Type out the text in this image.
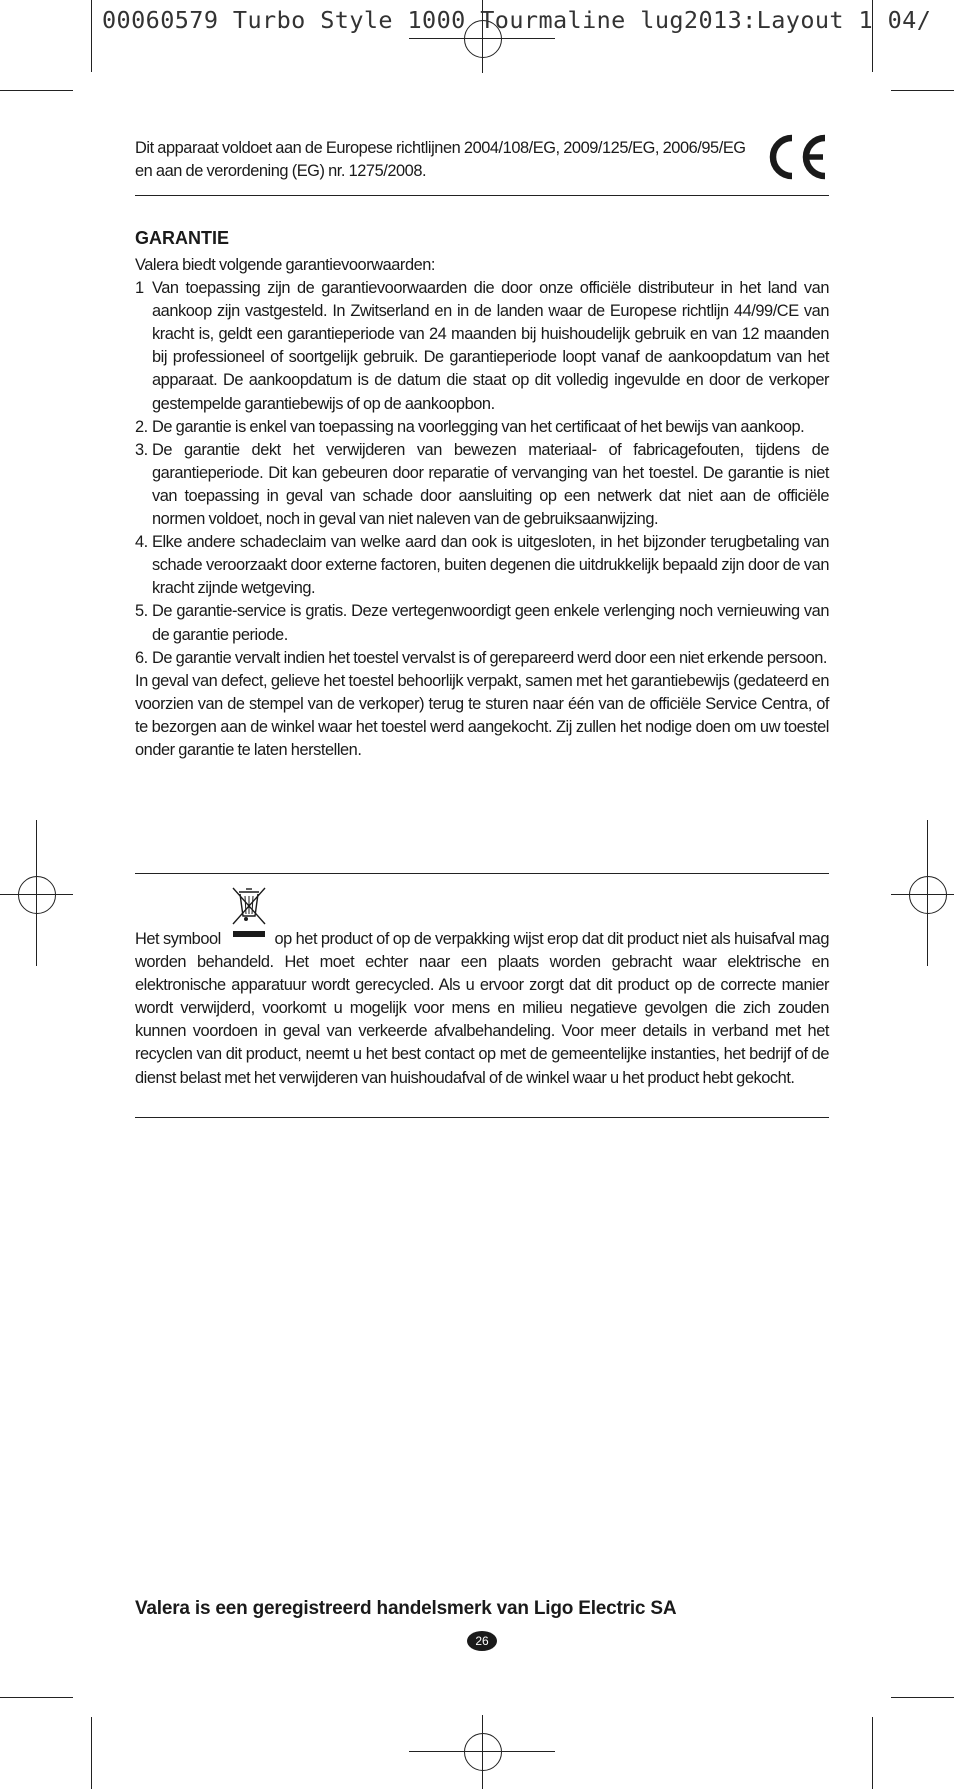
00060579 Turbo Style 1000 Tourmaline lug2013:Layout 1 04/
Dit apparaat voldoet aan de Europese richtlijnen 2004/108/EG, 2009/125/EG, 2006/95/EG en aan de verordening (EG) nr. 1275/2008.
GARANTIE
Valera biedt volgende garantievoorwaarden:
1 Van toepassing zijn de garantievoorwaarden die door onze officiële distributeur in het land van aankoop zijn vastgesteld. In Zwitserland en in de landen waar de Europese richtlijn 44/99/CE van kracht is, geldt een garantieperiode van 24 maanden bij huishoudelijk gebruik en van 12 maanden bij professioneel of soortgelijk gebruik. De garantieperiode loopt vanaf de aankoopdatum van het apparaat. De aankoopdatum is de datum die staat op dit volledig ingevulde en door de verkoper gestempelde garantiebewijs of op de aankoopbon.
2. De garantie is enkel van toepassing na voorlegging van het certificaat of het bewijs van aankoop.
3. De garantie dekt het verwijderen van bewezen materiaal- of fabricagefouten, tijdens de garantieperiode. Dit kan gebeuren door reparatie of vervanging van het toestel. De garantie is niet van toepassing in geval van schade door aansluiting op een netwerk dat niet aan de officiële normen voldoet, noch in geval van niet naleven van de gebruiksaanwijzing.
4. Elke andere schadeclaim van welke aard dan ook is uitgesloten, in het bijzonder terugbetaling van schade veroorzaakt door externe factoren, buiten degenen die uitdrukkelijk bepaald zijn door de van kracht zijnde wetgeving.
5. De garantie-service is gratis. Deze vertegenwoordigt geen enkele verlenging noch vernieuwing van de garantie periode.
6. De garantie vervalt indien het toestel vervalst is of gerepareerd werd door een niet erkende persoon.
In geval van defect, gelieve het toestel behoorlijk verpakt, samen met het garantiebewijs (gedateerd en voorzien van de stempel van de verkoper) terug te sturen naar één van de officiële Service Centra, of te bezorgen aan de winkel waar het toestel werd aangekocht. Zij zullen het nodige doen om uw toestel onder garantie te laten herstellen.
Het symbool	op het product of op de verpakking wijst erop dat dit product niet als huisafval mag worden behandeld. Het moet echter naar een plaats worden gebracht waar elektrische en elektronische apparatuur wordt gerecycled. Als u ervoor zorgt dat dit product op de correcte manier wordt verwijderd, voorkomt u mogelijk voor mens en milieu negatieve gevolgen die zich zouden kunnen voordoen in geval van verkeerde afvalbehandeling. Voor meer details in verband met het recyclen van dit product, neemt u het best contact op met de gemeentelijke instanties, het bedrijf of de dienst belast met het verwijderen van huishoudafval of de winkel waar u het product hebt gekocht.
Valera is een geregistreerd handelsmerk van Ligo Electric SA
26
